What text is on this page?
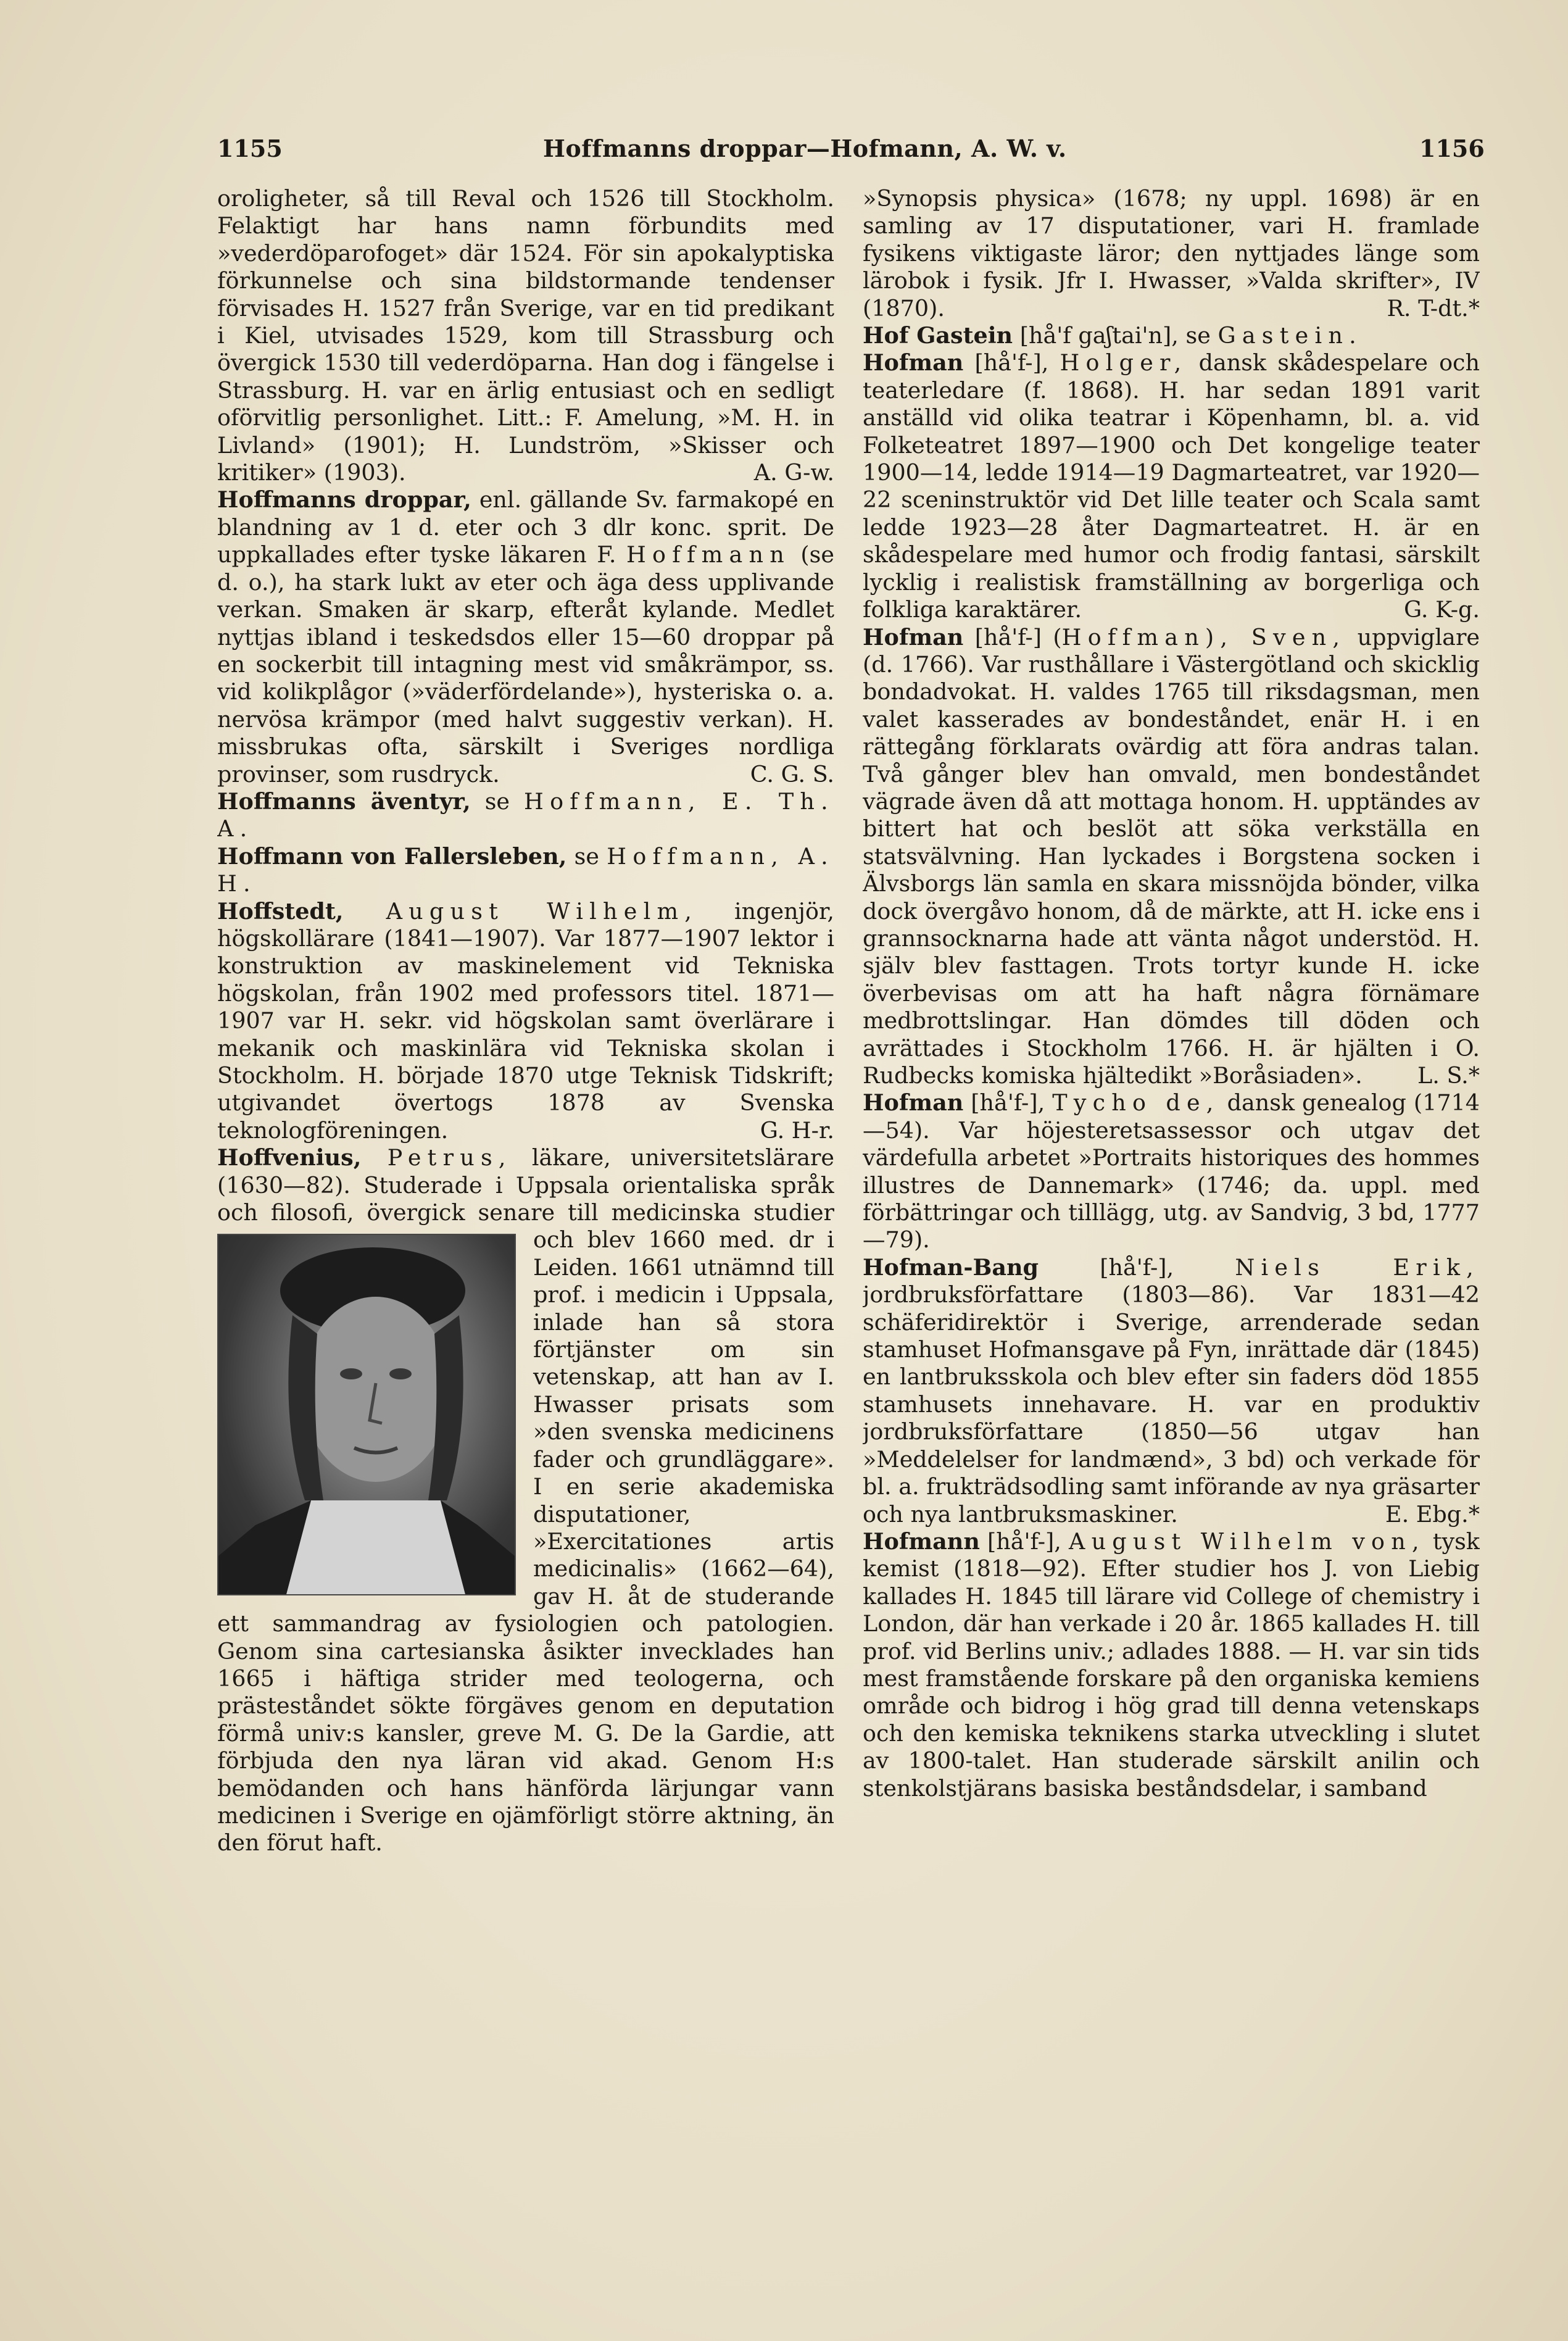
1155	Hoffmanns droppar—Hofmann, A. W. v.	1156

oroligheter, så till Reval och 1526 till Stockholm. Felaktigt har hans namn förbundits med »vederdöparofoget» där 1524. För sin apokalyptiska förkunnelse och sina bildstormande tendenser förvisades H. 1527 från Sverige, var en tid predikant i Kiel, utvisades 1529, kom till Strassburg och övergick 1530 till vederdöparna. Han dog i fängelse i Strassburg. H. var en ärlig entusiast och en sedligt oförvitlig personlighet. Litt.: F. Amelung, »M. H. in Livland» (1901); H. Lundström, »Skisser och kritiker» (1903).	A. G-w.

Hoffmanns droppar, enl. gällande Sv. farmakopé en blandning av 1 d. eter och 3 dlr konc. sprit. De uppkallades efter tyske läkaren F. Hoffmann (se d. o.), ha stark lukt av eter och äga dess upplivande verkan. Smaken är skarp, efteråt kylande. Medlet nyttjas ibland i teskedsdos eller 15—60 droppar på en sockerbit till intagning mest vid småkrämpor, ss. vid kolikplågor (»väderfördelande»), hysteriska o. a. nervösa krämpor (med halvt suggestiv verkan). H. missbrukas ofta, särskilt i Sveriges nordliga provinser, som rusdryck.	C. G. S.

Hoffmanns äventyr, se Hoffmann, E. Th. A.

Hoffmann von Fallersleben, se Hoffmann, A. H.

Hoffstedt, August Wilhelm, ingenjör, högskollärare (1841—1907). Var 1877—1907 lektor i konstruktion av maskinelement vid Tekniska högskolan, från 1902 med professors titel. 1871—1907 var H. sekr. vid högskolan samt överlärare i mekanik och maskinlära vid Tekniska skolan i Stockholm. H. började 1870 utge Teknisk Tidskrift; utgivandet övertogs 1878 av Svenska teknologföreningen.	G. H-r.

Hoffvenius, Petrus, läkare, universitetslärare (1630—82). Studerade i Uppsala orientaliska språk och filosofi, övergick senare till medicinska studier och blev 1660 med. dr i
Leiden. 1661 utnämnd till prof. i medicin i Uppsala, inlade han så stora förtjänster om sin vetenskap, att han av I. Hwasser prisats som »den svenska medicinens fader och grundläggare». I en serie akademiska disputationer, »Exercitationes artis medicinalis» (1662—64), gav H. åt de studerande ett sammandrag av fysiologien och patologien. Genom sina cartesianska åsikter invecklades han 1665 i häftiga strider med teologerna, och prästeståndet sökte förgäves genom en deputation förmå univ:s kansler, greve M. G. De la Gardie, att förbjuda den nya läran vid akad. Genom H:s bemödanden och hans hänförda lärjungar vann medicinen i Sverige en ojämförligt större aktning, än den förut haft.

»Synopsis physica» (1678; ny uppl. 1698) är en samling av 17 disputationer, vari H. framlade fysikens viktigaste läror; den nyttjades länge som lärobok i fysik. Jfr I. Hwasser, »Valda skrifter», IV (1870).	R. T-dt.*

Hof Gastein [hå'f gaʃtai'n], se Gastein.

Hofman [hå'f-], Holger, dansk skådespelare och teaterledare (f. 1868). H. har sedan 1891 varit anställd vid olika teatrar i Köpenhamn, bl. a. vid Folketeatret 1897—1900 och Det kongelige teater 1900—14, ledde 1914—19 Dagmarteatret, var 1920—22 sceninstruktör vid Det lille teater och Scala samt ledde 1923—28 åter Dagmarteatret. H. är en skådespelare med humor och frodig fantasi, särskilt lycklig i realistisk framställning av borgerliga och folkliga karaktärer.	G. K-g.

Hofman [hå'f-] (Hoffman), Sven, uppviglare (d. 1766). Var rusthållare i Västergötland och skicklig bondadvokat. H. valdes 1765 till riksdagsman, men valet kasserades av bondeståndet, enär H. i en rättegång förklarats ovärdig att föra andras talan. Två gånger blev han omvald, men bondeståndet vägrade även då att mottaga honom. H. upptändes av bittert hat och beslöt att söka verkställa en statsvälvning. Han lyckades i Borgstena socken i Älvsborgs län samla en skara missnöjda bönder, vilka dock övergåvo honom, då de märkte, att H. icke ens i grannsocknarna hade att vänta något understöd. H. själv blev fasttagen. Trots tortyr kunde H. icke överbevisas om att ha haft några förnämare medbrottslingar. Han dömdes till döden och avrättades i Stockholm 1766. H. är hjälten i O. Rudbecks komiska hjältedikt »Boråsiaden». L. S.*

Hofman [hå'f-], Tycho de, dansk genealog (1714—54). Var höjesteretsassessor och utgav det värdefulla arbetet »Portraits historiques des hommes illustres de Dannemark» (1746; da. uppl. med förbättringar och tilllägg, utg. av Sandvig, 3 bd, 1777—79).

Hofman-Bang [hå'f-], Niels Erik, jordbruksförfattare (1803—86). Var 1831—42 schäferidirektör i Sverige, arrenderade sedan stamhuset Hofmansgave på Fyn, inrättade där (1845) en lantbruksskola och blev efter sin faders död 1855 stamhusets innehavare. H. var en produktiv jordbruksförfattare (1850—56 utgav han »Meddelelser for landmænd», 3 bd) och verkade för bl. a. frukträdsodling samt införande av nya gräsarter och nya lantbruksmaskiner.	E. Ebg.*

Hofmann [hå'f-], August Wilhelm von, tysk kemist (1818—92). Efter studier hos J. von Liebig kallades H. 1845 till lärare vid College of chemistry i London, där han verkade i 20 år. 1865 kallades H. till prof. vid Berlins univ.; adlades 1888. — H. var sin tids mest framstående forskare på den organiska kemiens område och bidrog i hög grad till denna vetenskaps och den kemiska teknikens starka utveckling i slutet av 1800-talet. Han studerade särskilt anilin och stenkolstjärans basiska beståndsdelar, i samband
